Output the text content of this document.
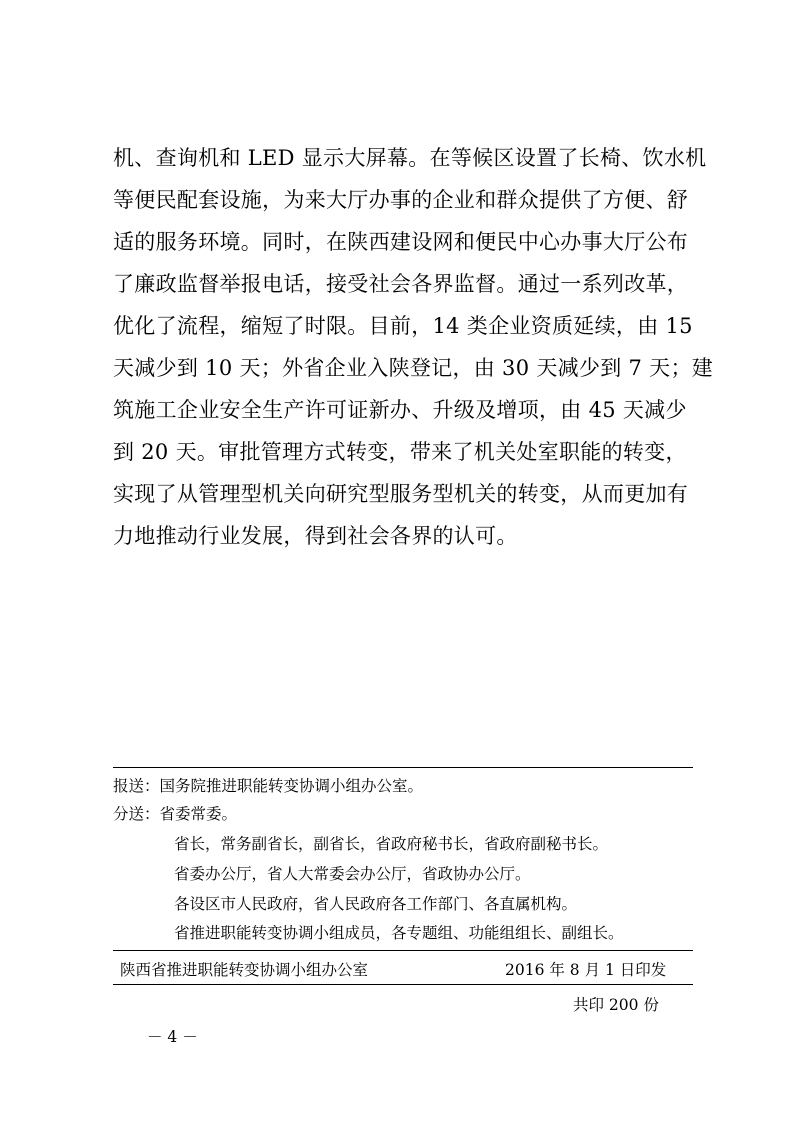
机、查询机和 LED 显示大屏幕。在等候区设置了长椅、饮水机
等便民配套设施，为来大厅办事的企业和群众提供了方便、舒
适的服务环境。同时，在陕西建设网和便民中心办事大厅公布
了廉政监督举报电话，接受社会各界监督。通过一系列改革，
优化了流程，缩短了时限。目前，14 类企业资质延续，由 15
天减少到 10 天；外省企业入陕登记，由 30 天减少到 7 天；建
筑施工企业安全生产许可证新办、升级及增项，由 45 天减少
到 20 天。审批管理方式转变，带来了机关处室职能的转变，
实现了从管理型机关向研究型服务型机关的转变，从而更加有
力地推动行业发展，得到社会各界的认可。
报送：国务院推进职能转变协调小组办公室。
分送：省委常委。
省长，常务副省长，副省长，省政府秘书长，省政府副秘书长。
省委办公厅，省人大常委会办公厅，省政协办公厅。
各设区市人民政府，省人民政府各工作部门、各直属机构。
省推进职能转变协调小组成员，各专题组、功能组组长、副组长。
陕西省推进职能转变协调小组办公室	2016 年 8 月 1 日印发
共印 200 份
－ 4 －
